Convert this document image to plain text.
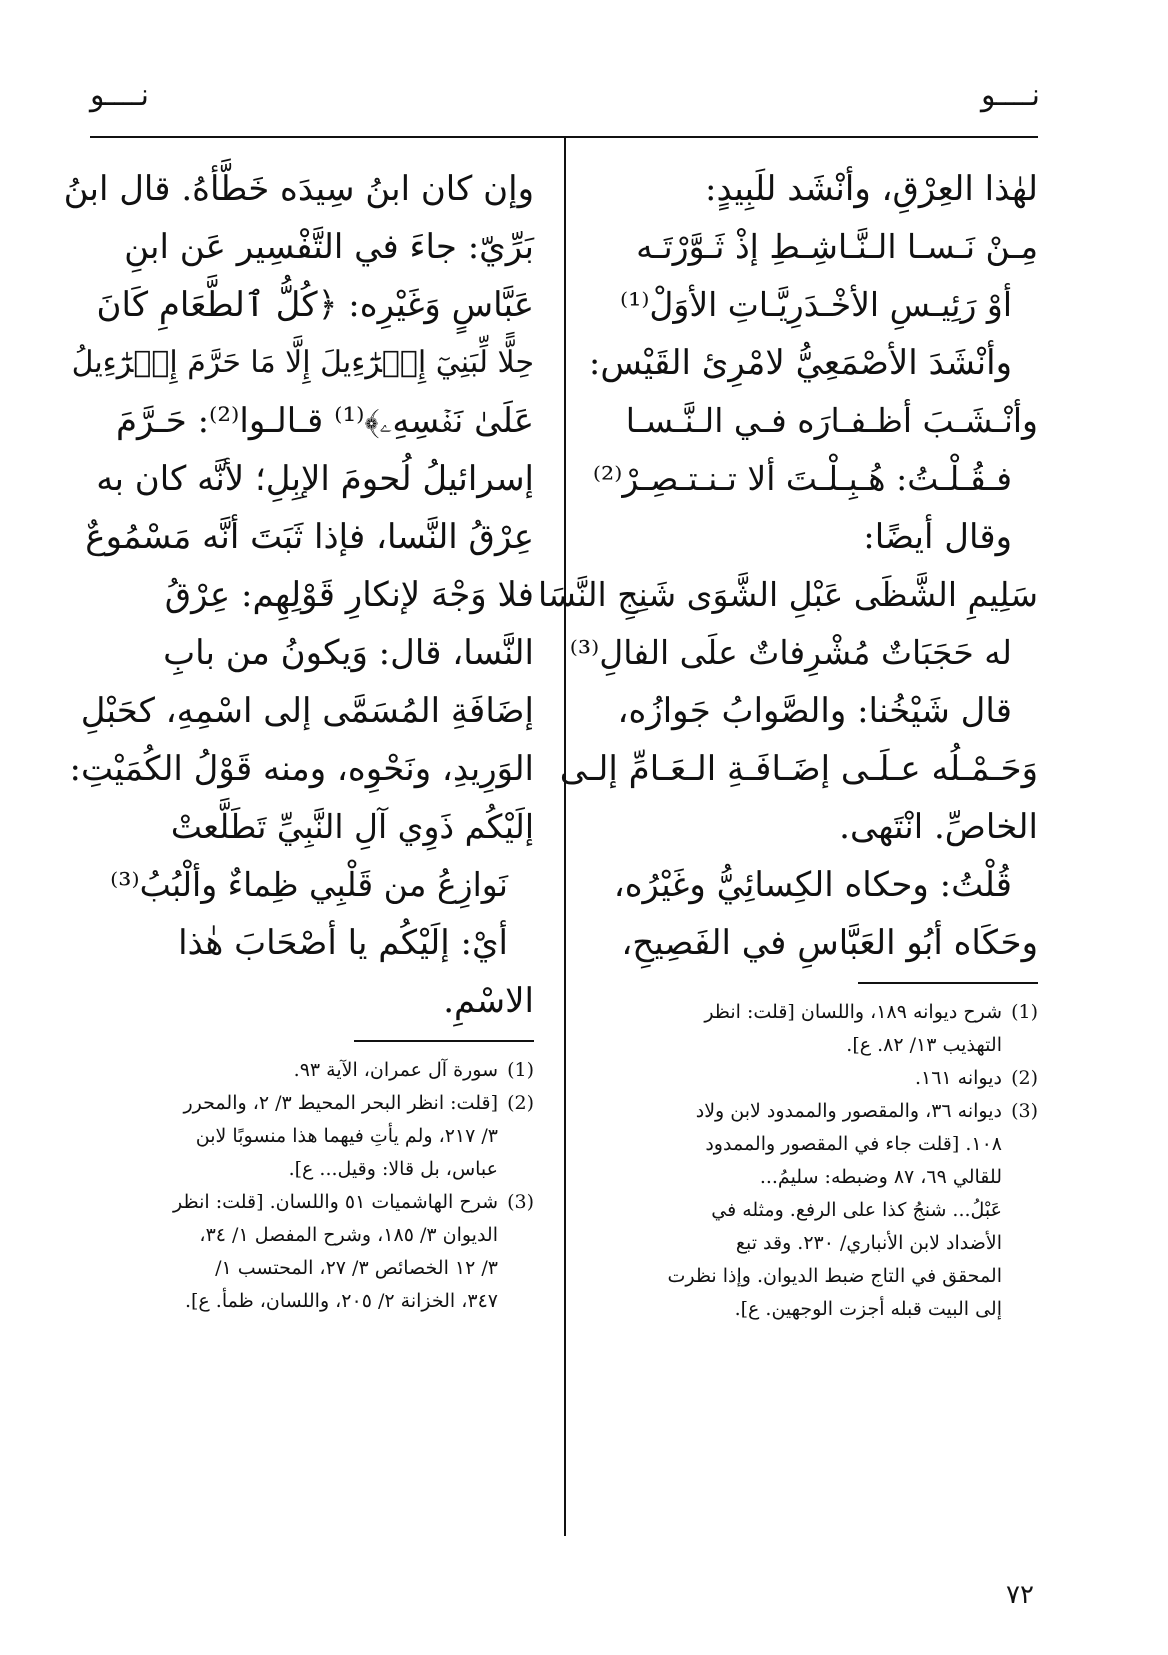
نــــو
نــــو
لهٰذا العِرْقِ، وأنْشَد للَبِيدٍ:
مِـنْ نَـسـا الـنَّـاشِـطِ إذْ ثَـوَّرْتَـه
أوْ رَئِيـسِ الأخْـدَرِيَّـاتِ الأوَلْ⁽¹⁾
وأنْشَدَ الأصْمَعِيُّ لامْرِئ القَيْس:
وأنْـشَـبَ أظـفـارَه فـي الـنَّـسـا
فـقُـلْـتُ: هُـبِـلْـتَ ألا تـنـتـصِـرْ⁽²⁾
وقال أيضًا:
سَلِيمِ الشَّظَى عَبْلِ الشَّوَى شَنِجِ النَّسَا
له حَجَبَاتٌ مُشْرِفاتٌ علَى الفالِ⁽³⁾
قال شَيْخُنا: والصَّوابُ جَوازُه،
وَحَـمْـلُه عـلَـى إضَـافَـةِ الـعَـامِّ إلـى
الخاصِّ. انْتَهى.
قُلْتُ: وحكاه الكِسائِيُّ وغَيْرُه،
وحَكَاه أبُو العَبَّاسِ في الفَصِيحِ،
(1)شرح ديوانه ١٨٩، واللسان [قلت: انظر
التهذيب ١٣/ ٨٢. ع].
(2)ديوانه ١٦١.
(3)ديوانه ٣٦، والمقصور والممدود لابن ولاد
١٠٨. [قلت جاء في المقصور والممدود
للقالي ٦٩، ٨٧ وضبطه: سليمُ...
عَبْلُ... شنجُ كذا على الرفع. ومثله في
الأضداد لابن الأنباري/ ٢٣٠. وقد تبع
المحقق في التاج ضبط الديوان. وإذا نظرت
إلى البيت قبله أجزت الوجهين. ع].
وإن كان ابنُ سِيدَه خَطَّأهُ. قال ابنُ
بَرِّيّ: جاءَ في التَّفْسِير عَن ابنِ
عَبَّاسٍ وَغَيْرِه: ﴿كُلُّ ٱلطَّعَامِ كَانَ
حِلًّا لِّبَنِيٓ إِسۡرَٰٓءِيلَ إِلَّا مَا حَرَّمَ إِسۡرَٰٓءِيلُ
عَلَىٰ نَفۡسِهِۦ﴾⁽¹⁾ قـالـوا⁽²⁾: حَـرَّمَ
إسرائيلُ لُحومَ الإبِلِ؛ لأنَّه كان به
عِرْقُ النَّسا، فإذا ثَبَتَ أنَّه مَسْمُوعٌ
فلا وَجْهَ لإنكارِ قَوْلِهِم: عِرْقُ
النَّسا، قال: وَيكونُ من بابِ
إضَافَةِ المُسَمَّى إلى اسْمِهِ، كحَبْلِ
الوَرِيدِ، ونَحْوِه، ومنه قَوْلُ الكُمَيْتِ:
إلَيْكُم ذَوِي آلِ النَّبِيِّ تَطَلَّعتْ
نَوازِعُ من قَلْبِي ظِماءٌ وألْبُبُ⁽³⁾
أيْ: إلَيْكُم يا أصْحَابَ هٰذا
الاسْمِ.
(1)سورة آل عمران، الآية ٩٣.
(2)[قلت: انظر البحر المحيط ٣/ ٢، والمحرر
٣/ ٢١٧، ولم يأتِ فيهما هذا منسوبًا لابن
عباس، بل قالا: وقيل... ع].
(3)شرح الهاشميات ٥١ واللسان. [قلت: انظر
الديوان ٣/ ١٨٥، وشرح المفصل ١/ ٣٤،
٣/ ١٢ الخصائص ٣/ ٢٧، المحتسب ١/
٣٤٧، الخزانة ٢/ ٢٠٥، واللسان، ظمأ. ع].
٧٢
